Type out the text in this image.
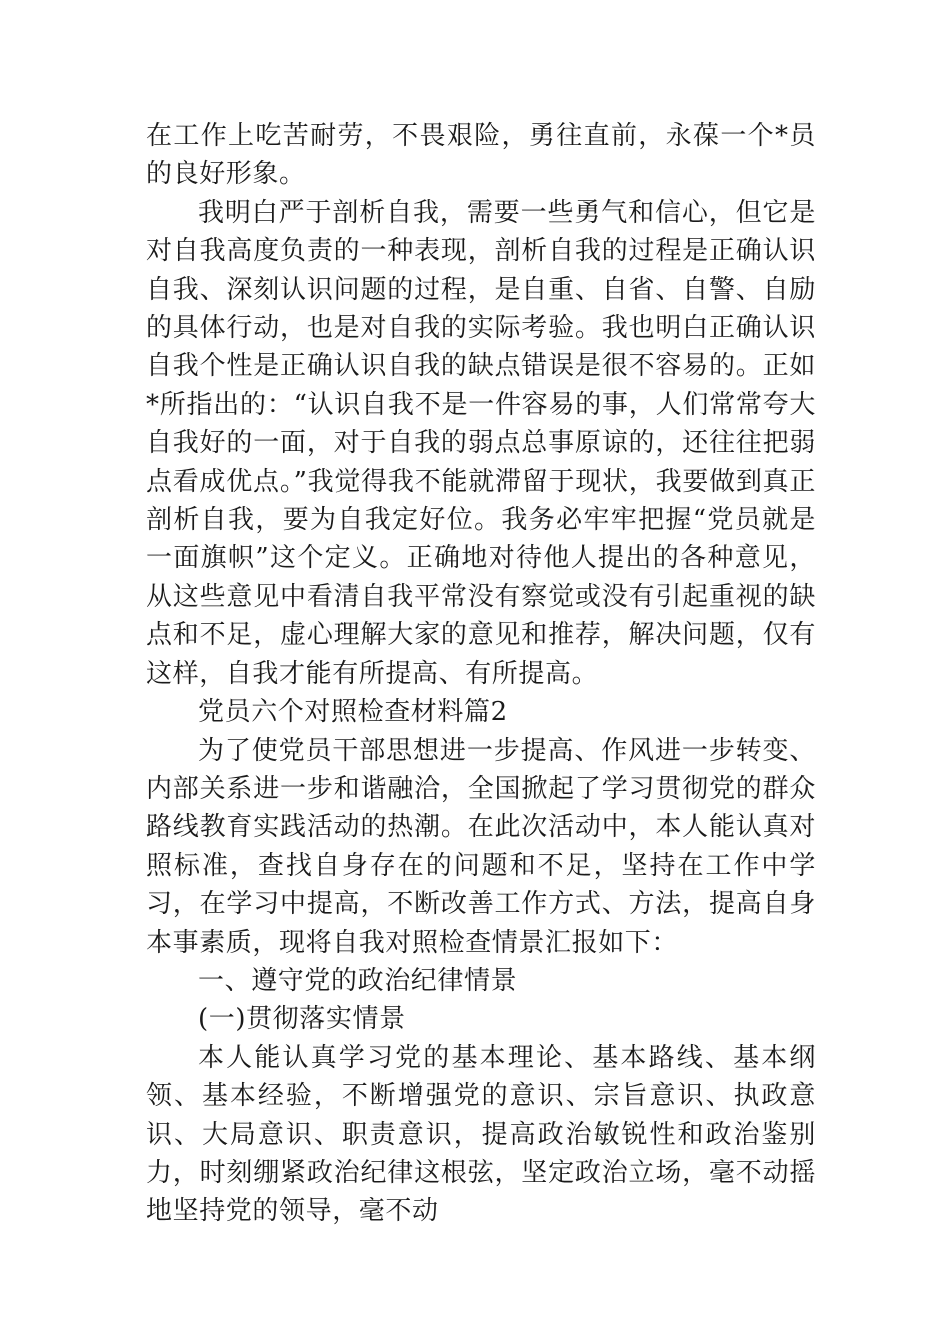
在工作上吃苦耐劳，不畏艰险，勇往直前，永葆一个*员的良好形象。

我明白严于剖析自我，需要一些勇气和信心，但它是对自我高度负责的一种表现，剖析自我的过程是正确认识自我、深刻认识问题的过程，是自重、自省、自警、自励的具体行动，也是对自我的实际考验。我也明白正确认识自我个性是正确认识自我的缺点错误是很不容易的。正如*所指出的：“认识自我不是一件容易的事，人们常常夸大自我好的一面，对于自我的弱点总事原谅的，还往往把弱点看成优点。”我觉得我不能就滞留于现状，我要做到真正剖析自我，要为自我定好位。我务必牢牢把握“党员就是一面旗帜”这个定义。正确地对待他人提出的各种意见，从这些意见中看清自我平常没有察觉或没有引起重视的缺点和不足，虚心理解大家的意见和推荐，解决问题，仅有这样，自我才能有所提高、有所提高。

党员六个对照检查材料篇2

为了使党员干部思想进一步提高、作风进一步转变、内部关系进一步和谐融洽，全国掀起了学习贯彻党的群众路线教育实践活动的热潮。在此次活动中，本人能认真对照标准，查找自身存在的问题和不足，坚持在工作中学习，在学习中提高，不断改善工作方式、方法，提高自身本事素质，现将自我对照检查情景汇报如下：

一、遵守党的政治纪律情景

(一)贯彻落实情景

本人能认真学习党的基本理论、基本路线、基本纲领、基本经验，不断增强党的意识、宗旨意识、执政意识、大局意识、职责意识，提高政治敏锐性和政治鉴别力，时刻绷紧政治纪律这根弦，坚定政治立场，毫不动摇地坚持党的领导，毫不动
